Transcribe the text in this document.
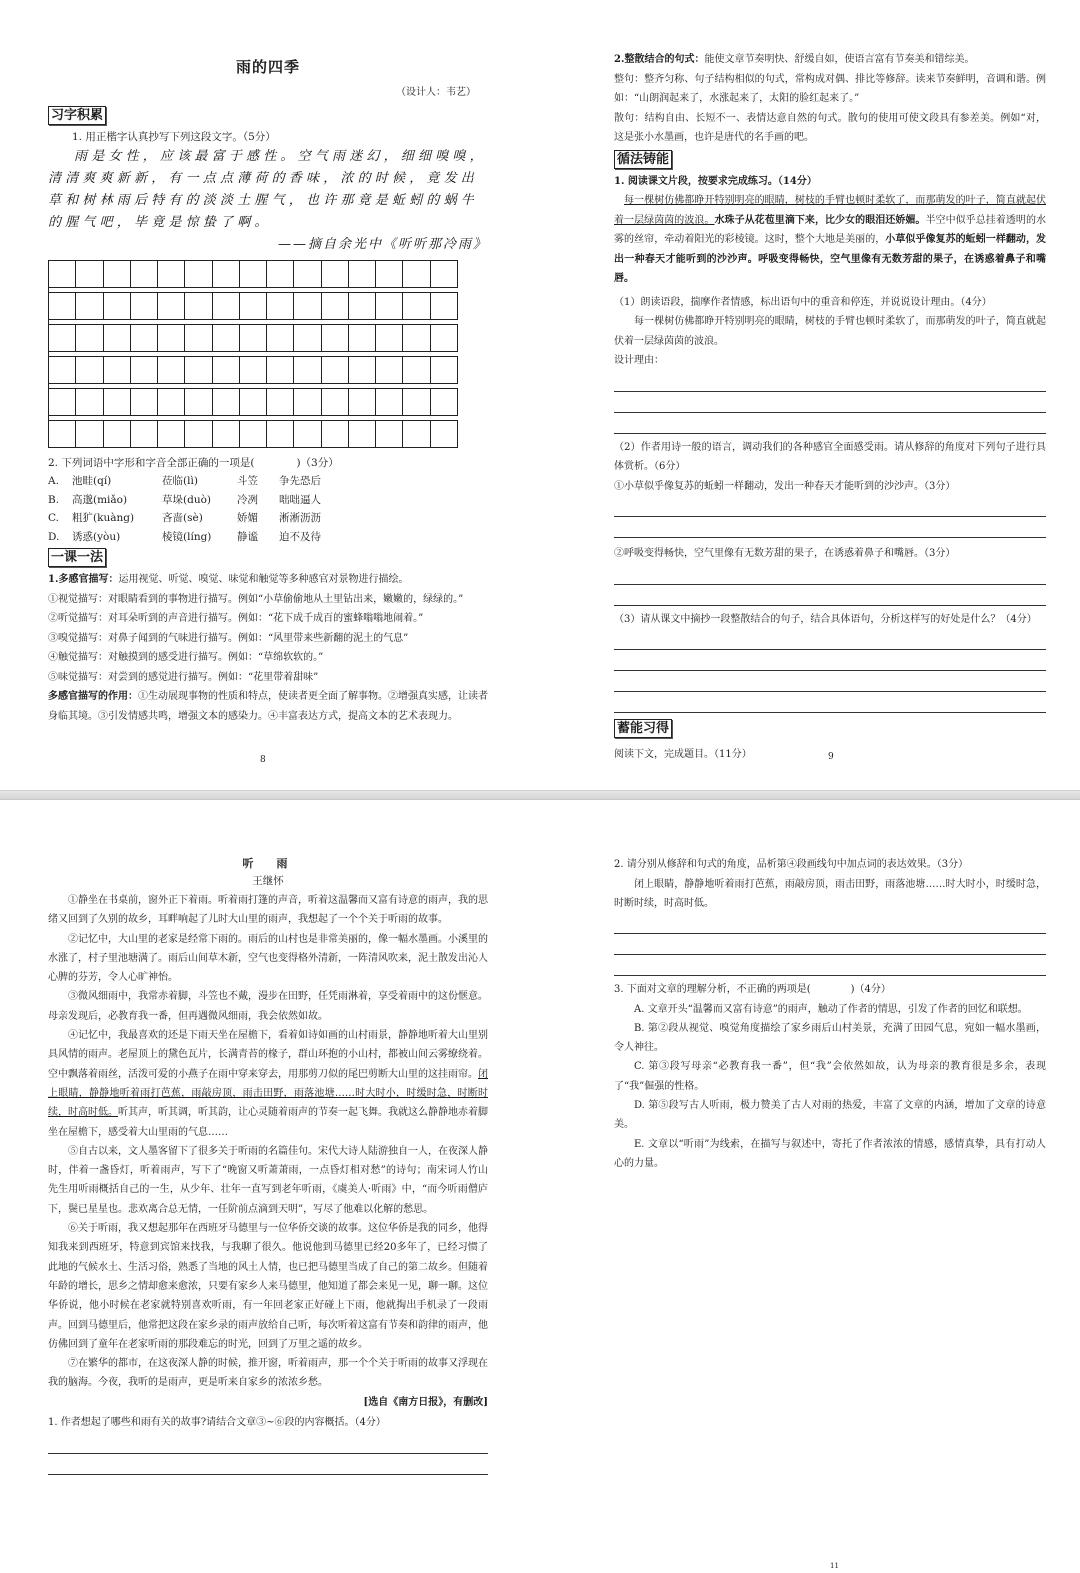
雨的四季
（设计人：韦艺）
习字积累
1. 用正楷字认真抄写下列这段文字。（5分）
雨是女性，应该最富于感性。空气雨迷幻，细细嗅嗅，清清爽爽新新，有一点点薄荷的香味，浓的时候，竟发出草和树林雨后特有的淡淡土腥气，也许那竟是蚯蚓的蜗牛的腥气吧，毕竟是惊蛰了啊。
——摘自余光中《听听那冷雨》
2. 下列词语中字形和字音全部正确的一项是(　　　　)（3分）
A.	池畦(qí)	莅临(lì)	斗笠	争先恐后
B.	高邈(miǎo)	草垛(duò)	冷冽	咄咄逼人
C.	粗犷(kuàng)	吝啬(sè)	娇媚	淅淅沥沥
D.	诱惑(yòu)	棱镜(líng)	静谧	迫不及待
一课一法
1.多感官描写：运用视觉、听觉、嗅觉、味觉和触觉等多种感官对景物进行描绘。
①视觉描写：对眼睛看到的事物进行描写。例如“小草偷偷地从土里钻出来，嫩嫩的，绿绿的。”
②听觉描写：对耳朵听到的声音进行描写。例如：“花下成千成百的蜜蜂嗡嗡地闹着。”
③嗅觉描写：对鼻子闻到的气味进行描写。例如：“风里带来些新翻的泥土的气息”
④触觉描写：对触摸到的感受进行描写。例如：“草绵软软的。”
⑤味觉描写：对尝到的感觉进行描写。例如：“花里带着甜味”
多感官描写的作用：①生动展现事物的性质和特点，使读者更全面了解事物。②增强真实感，让读者身临其境。③引发情感共鸣，增强文本的感染力。④丰富表达方式，提高文本的艺术表现力。
8
2.整散结合的句式：能使文章节奏明快、舒缓自如，使语言富有节奏美和错综美。
整句：整齐匀称、句子结构相似的句式，常构成对偶、排比等修辞。读来节奏鲜明，音调和谐。例如：“山朗润起来了，水涨起来了，太阳的脸红起来了。”
散句：结构自由、长短不一、表情达意自然的句式。散句的使用可使文段具有参差美。例如“对，这是张小水墨画，也许是唐代的名手画的吧。
循法铸能
1. 阅读课文片段，按要求完成练习。（14分）
每一棵树仿佛都睁开特别明亮的眼睛，树枝的手臂也顿时柔软了，而那萌发的叶子，简直就起伏着一层绿茵茵的波浪。水珠子从花苞里滴下来，比少女的眼泪还娇媚。半空中似乎总挂着透明的水雾的丝帘，牵动着阳光的彩棱镜。这时，整个大地是美丽的，小草似乎像复苏的蚯蚓一样翻动，发出一种春天才能听到的沙沙声。呼吸变得畅快，空气里像有无数芳甜的果子，在诱惑着鼻子和嘴唇。
（1）朗读语段，揣摩作者情感，标出语句中的重音和停连，并说说设计理由。（4分）
每一棵树仿佛都睁开特别明亮的眼睛，树枝的手臂也顿时柔软了，而那萌发的叶子，简直就起伏着一层绿茵茵的波浪。
设计理由：
（2）作者用诗一般的语言，调动我们的各种感官全面感受雨。请从修辞的角度对下列句子进行具体赏析。（6分）
①小草似乎像复苏的蚯蚓一样翻动，发出一种春天才能听到的沙沙声。（3分）
②呼吸变得畅快，空气里像有无数芳甜的果子，在诱惑着鼻子和嘴唇。（3分）
（3）请从课文中摘抄一段整散结合的句子，结合具体语句，分析这样写的好处是什么？（4分）
蓄能习得
阅读下文，完成题目。（11分）	9
听　雨
王继怀
①静坐在书桌前，窗外正下着雨。听着雨打篷的声音，听着这温馨而又富有诗意的雨声，我的思绪又回到了久别的故乡，耳畔响起了儿时大山里的雨声，我想起了一个个关于听雨的故事。
②记忆中，大山里的老家是经常下雨的。雨后的山村也是非常美丽的，像一幅水墨画。小溪里的水涨了，村子里池塘满了。雨后山间草木新，空气也变得格外清新，一阵清风吹来，泥土散发出沁人心脾的芬芳，令人心旷神怡。
③微风细雨中，我常赤着脚，斗笠也不戴，漫步在田野，任凭雨淋着，享受着雨中的这份惬意。母亲发现后，必教育我一番，但再遇微风细雨，我会依然如故。
④记忆中，我最喜欢的还是下雨天坐在屋檐下，看着如诗如画的山村雨景，静静地听着大山里别具风情的雨声。老屋顶上的黛色瓦片，长满青苔的椽子，群山环抱的小山村，都被山间云雾缭绕着。空中飘落着雨丝，活泼可爱的小燕子在雨中穿来穿去，用那剪刀似的尾巴剪断大山里的这挂雨帘。闭上眼睛，静静地听着雨打芭蕉，雨敲房顶，雨击田野，雨落池塘……时大时小，时缓时急，时断时续，时高时低。听其声，听其调，听其韵，让心灵随着雨声的节奏一起飞舞。我就这么静静地赤着脚坐在屋檐下，感受着大山里雨的气息……
⑤自古以来，文人墨客留下了很多关于听雨的名篇佳句。宋代大诗人陆游独自一人，在夜深人静时，伴着一盏昏灯，听着雨声，写下了“晚窗又听萧萧雨，一点昏灯相对愁”的诗句；南宋词人竹山先生用听雨概括自己的一生，从少年、壮年一直写到老年听雨，《虞美人·听雨》中，“而今听雨僧庐下，鬓已星星也。悲欢离合总无情，一任阶前点滴到天明”，写尽了他难以化解的愁思。
⑥关于听雨，我又想起那年在西班牙马德里与一位华侨交谈的故事。这位华侨是我的同乡，他得知我来到西班牙，特意到宾馆来找我，与我聊了很久。他说他到马德里已经20多年了，已经习惯了此地的气候水土、生活习俗，熟悉了当地的风土人情，也已把马德里当成了自己的第二故乡。但随着年龄的增长，思乡之情却愈来愈浓，只要有家乡人来马德里，他知道了都会来见一见，聊一聊。这位华侨说，他小时候在老家就特别喜欢听雨，有一年回老家正好碰上下雨，他就掏出手机录了一段雨声。回到马德里后，他常把这段在家乡录的雨声放给自己听，每次听着这富有节奏和韵律的雨声，他仿佛回到了童年在老家听雨的那段难忘的时光，回到了万里之遥的故乡。
⑦在繁华的都市，在这夜深人静的时候，推开窗，听着雨声，那一个个关于听雨的故事又浮现在我的脑海。今夜，我听的是雨声，更是听来自家乡的浓浓乡愁。
[选自《南方日报》，有删改]
1. 作者想起了哪些和雨有关的故事?请结合文章③~⑥段的内容概括。（4分）
2. 请分别从修辞和句式的角度，品析第④段画线句中加点词的表达效果。（3分）
闭上眼睛，静静地听着雨打芭蕉，雨敲房顶，雨击田野，雨落池塘……时大时小，时缓时急，时断时续，时高时低。
3. 下面对文章的理解分析，不正确的两项是(　　　　)（4分）
A. 文章开头“温馨而又富有诗意”的雨声，触动了作者的情思，引发了作者的回忆和联想。
B. 第②段从视觉、嗅觉角度描绘了家乡雨后山村美景，充满了田园气息，宛如一幅水墨画，令人神往。
C. 第③段写母亲“必教育我一番”，但“我”会依然如故，认为母亲的教育很是多余，表现了“我”倔强的性格。
D. 第⑤段写古人听雨，极力赞美了古人对雨的热爱，丰富了文章的内涵，增加了文章的诗意美。
E. 文章以“听雨”为线索，在描写与叙述中，寄托了作者浓浓的情感，感情真挚，具有打动人心的力量。
11
